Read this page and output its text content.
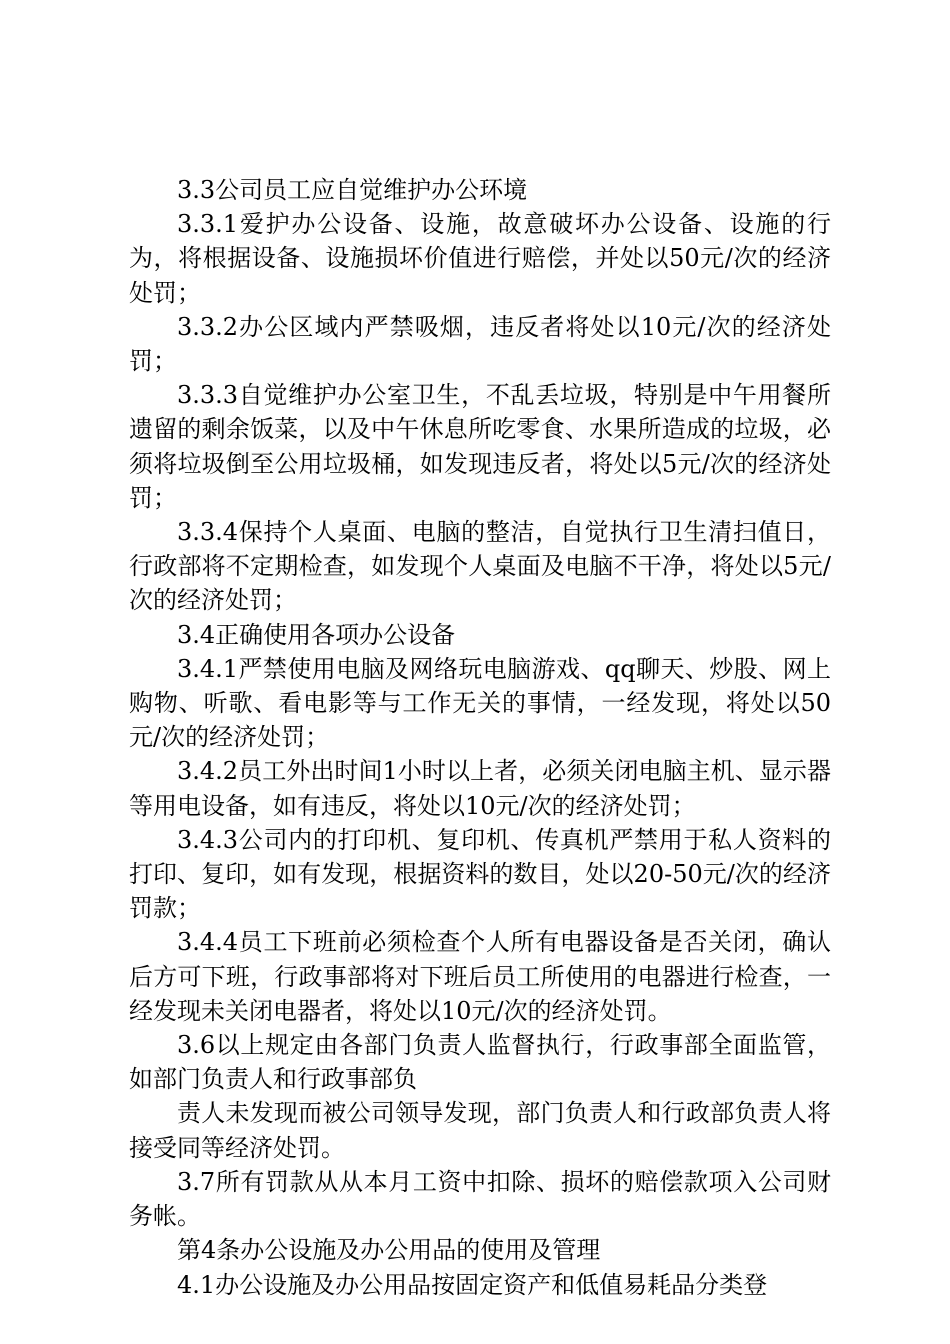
3.3公司员工应自觉维护办公环境

3.3.1爱护办公设备、设施，故意破坏办公设备、设施的行为，将根据设备、设施损坏价值进行赔偿，并处以50元/次的经济处罚；

3.3.2办公区域内严禁吸烟，违反者将处以10元/次的经济处罚；

3.3.3自觉维护办公室卫生，不乱丢垃圾，特别是中午用餐所遗留的剩余饭菜，以及中午休息所吃零食、水果所造成的垃圾，必须将垃圾倒至公用垃圾桶，如发现违反者，将处以5元/次的经济处罚；

3.3.4保持个人桌面、电脑的整洁，自觉执行卫生清扫值日，行政部将不定期检查，如发现个人桌面及电脑不干净，将处以5元/次的经济处罚；

3.4正确使用各项办公设备

3.4.1严禁使用电脑及网络玩电脑游戏、qq聊天、炒股、网上购物、听歌、看电影等与工作无关的事情，一经发现，将处以50元/次的经济处罚；

3.4.2员工外出时间1小时以上者，必须关闭电脑主机、显示器等用电设备，如有违反，将处以10元/次的经济处罚；

3.4.3公司内的打印机、复印机、传真机严禁用于私人资料的打印、复印，如有发现，根据资料的数目，处以20-50元/次的经济罚款；

3.4.4员工下班前必须检查个人所有电器设备是否关闭，确认后方可下班，行政事部将对下班后员工所使用的电器进行检查，一经发现未关闭电器者，将处以10元/次的经济处罚。

3.6以上规定由各部门负责人监督执行，行政事部全面监管，如部门负责人和行政事部负

责人未发现而被公司领导发现，部门负责人和行政部负责人将接受同等经济处罚。

3.7所有罚款从从本月工资中扣除、损坏的赔偿款项入公司财务帐。

第4条办公设施及办公用品的使用及管理

4.1办公设施及办公用品按固定资产和低值易耗品分类登
